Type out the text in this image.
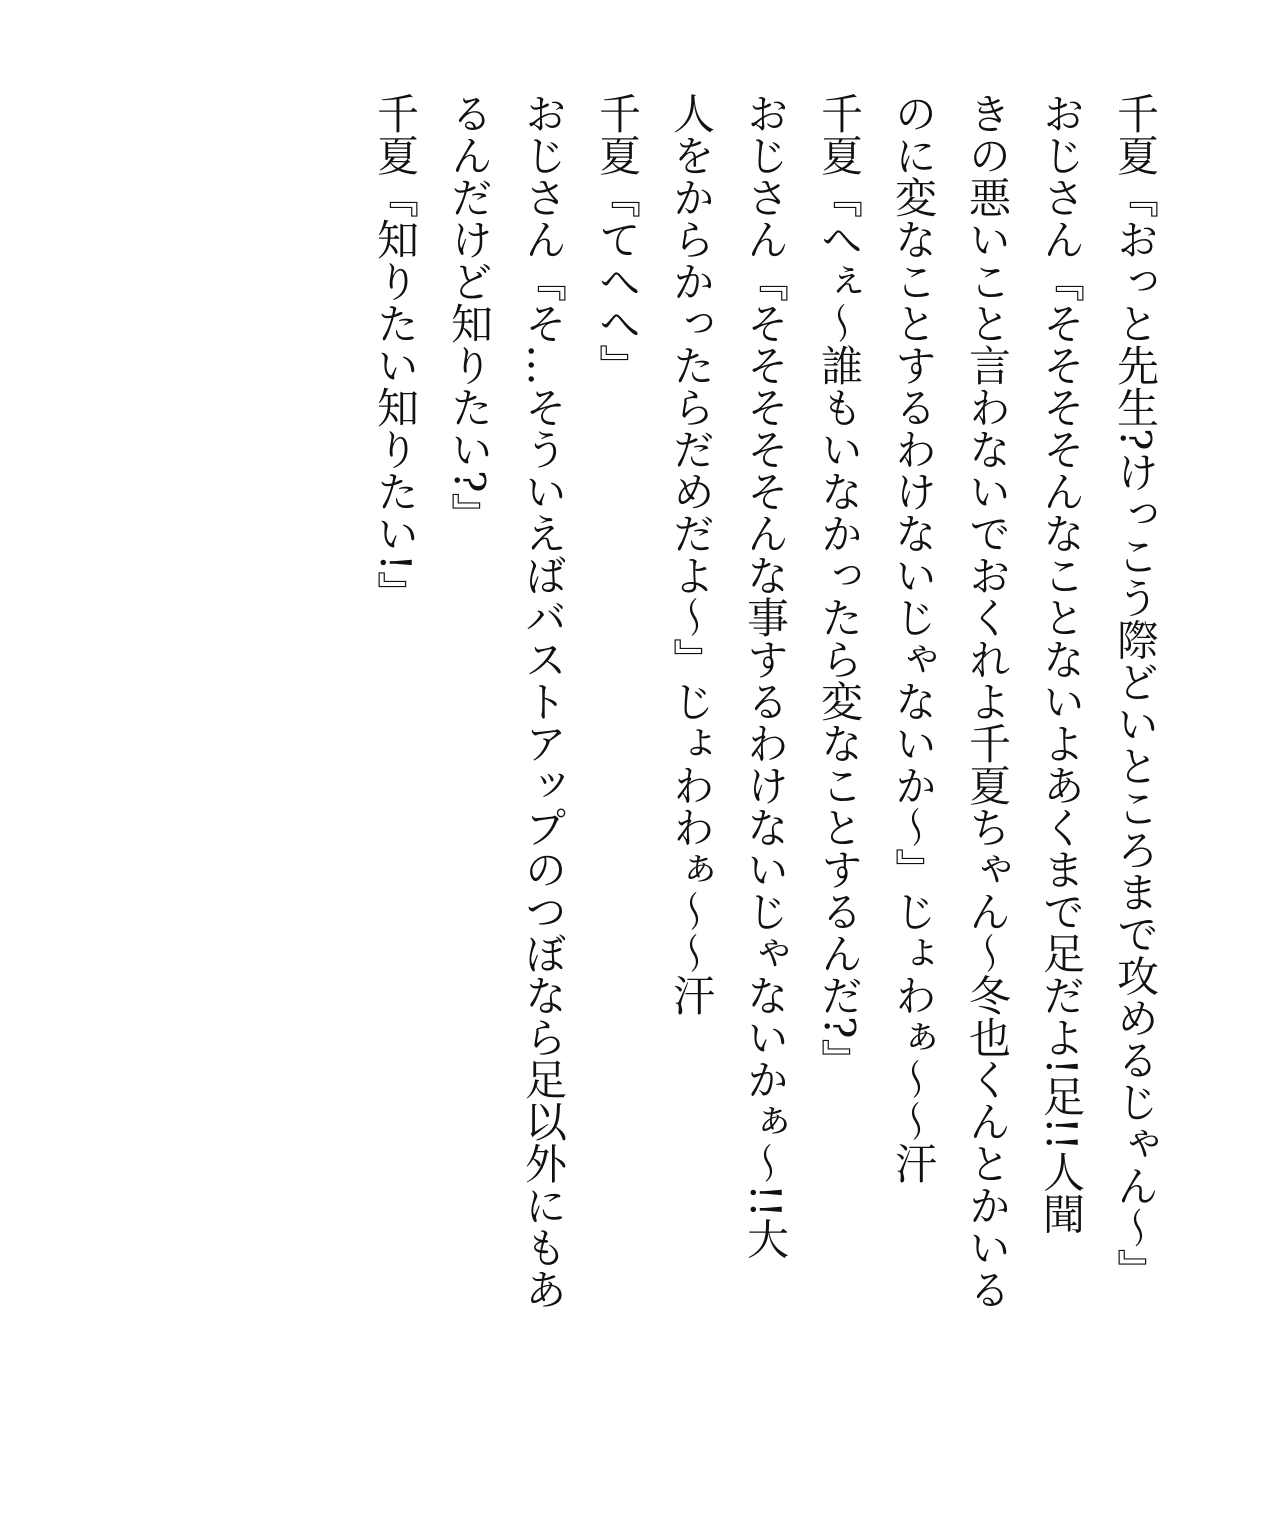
千夏『おっと先生?けっこう際どいところまで攻めるじゃん〜』
おじさん『そそそそんなことないよあくまで足だよ!足!!人聞
きの悪いこと言わないでおくれよ千夏ちゃん〜冬也くんとかいる
のに変なことするわけないじゃないか〜』じょわぁ〜〜汗
千夏『へぇ〜誰もいなかったら変なことするんだ?』
おじさん『そそそそそんな事するわけないじゃないかぁ〜!!大
人をからかったらだめだよ〜』じょわわぁ〜〜汗
千夏『てへへ』
おじさん『そ…そういえばバストアップのつぼなら足以外にもあ
るんだけど知りたい?』
千夏『知りたい知りたい!』
